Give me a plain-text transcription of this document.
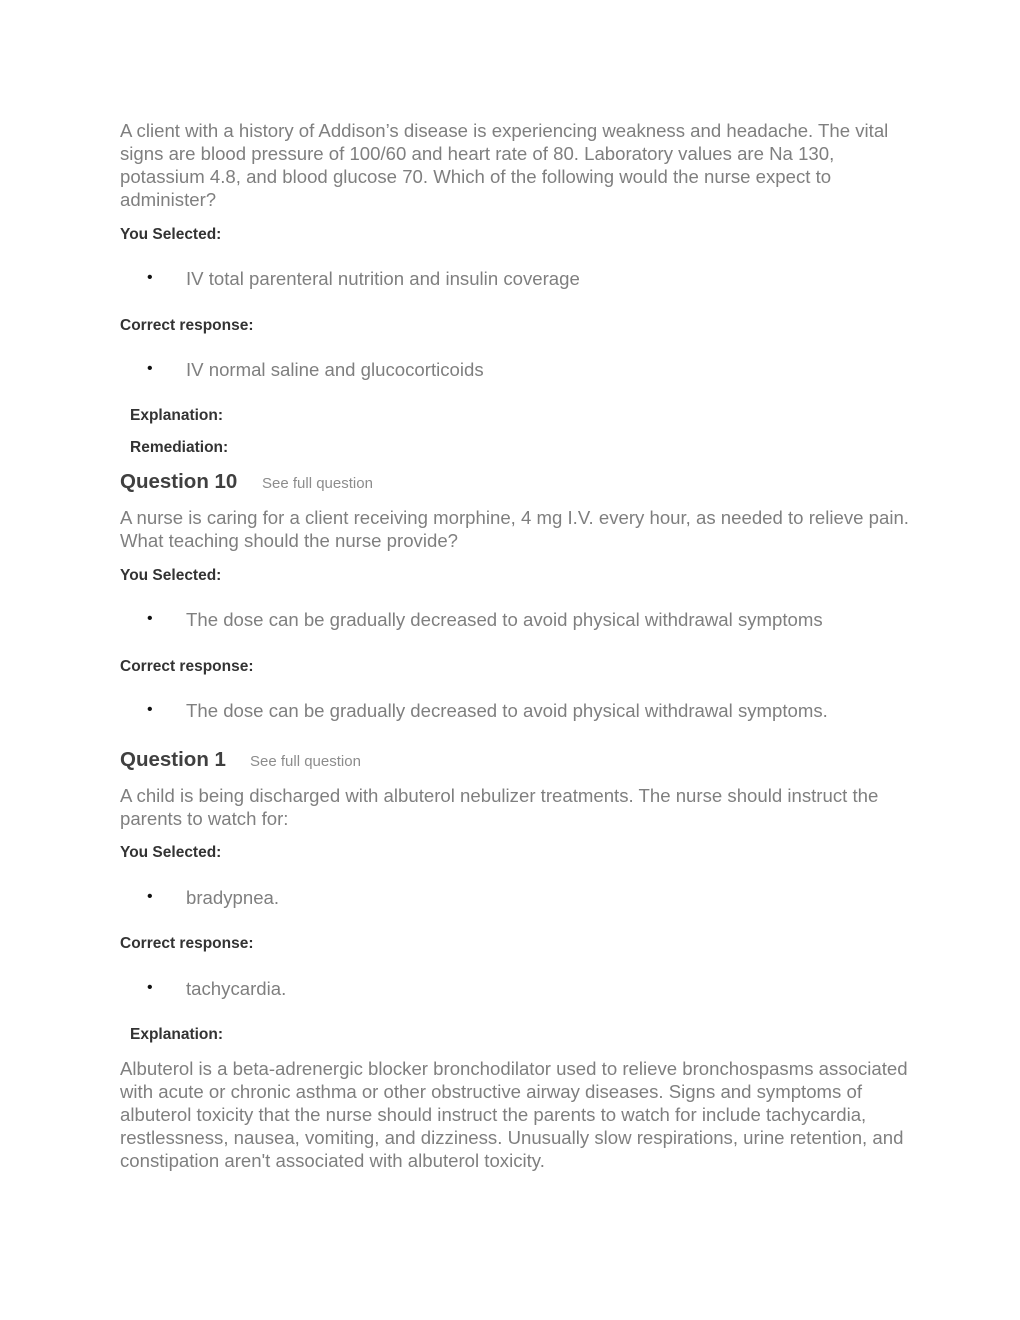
A client with a history of Addison’s disease is experiencing weakness and headache. The vital signs are blood pressure of 100/60 and heart rate of 80. Laboratory values are Na 130, potassium 4.8, and blood glucose 70. Which of the following would the nurse expect to administer?
You Selected:
• IV total parenteral nutrition and insulin coverage
Correct response:
• IV normal saline and glucocorticoids
Explanation:
Remediation:
Question 10 See full question
A nurse is caring for a client receiving morphine, 4 mg I.V. every hour, as needed to relieve pain. What teaching should the nurse provide?
You Selected:
• The dose can be gradually decreased to avoid physical withdrawal symptoms
Correct response:
• The dose can be gradually decreased to avoid physical withdrawal symptoms.
Question 1 See full question
A child is being discharged with albuterol nebulizer treatments. The nurse should instruct the parents to watch for:
You Selected:
• bradypnea.
Correct response:
• tachycardia.
Explanation:
Albuterol is a beta-adrenergic blocker bronchodilator used to relieve bronchospasms associated with acute or chronic asthma or other obstructive airway diseases. Signs and symptoms of albuterol toxicity that the nurse should instruct the parents to watch for include tachycardia, restlessness, nausea, vomiting, and dizziness. Unusually slow respirations, urine retention, and constipation aren't associated with albuterol toxicity.
